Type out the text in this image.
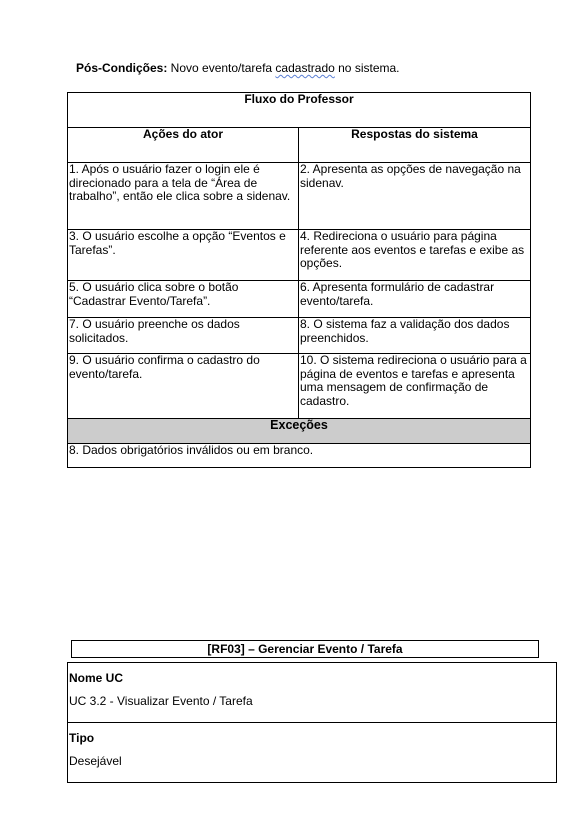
Pós-Condições: Novo evento/tarefa cadastrado no sistema.
Fluxo do Professor	
Ações do ator	Respostas do sistema
1. Após o usuário fazer o login ele é direcionado para a tela de “Área de trabalho”, então ele clica sobre a sidenav.	2. Apresenta as opções de navegação na sidenav.
3. O usuário escolhe a opção “Eventos e Tarefas”.	4. Redireciona o usuário para página referente aos eventos e tarefas e exibe as opções.
5. O usuário clica sobre o botão “Cadastrar Evento/Tarefa”.	6. Apresenta formulário de cadastrar evento/tarefa.
7. O usuário preenche os dados solicitados.	8. O sistema faz a validação dos dados preenchidos.
9. O usuário confirma o cadastro do evento/tarefa.	10. O sistema redireciona o usuário para a página de eventos e tarefas e apresenta uma mensagem de confirmação de cadastro.
Exceções	
8. Dados obrigatórios inválidos ou em branco.	
[RF03] – Gerenciar Evento / Tarefa
Nome UC
UC 3.2 - Visualizar Evento / Tarefa
Tipo
Desejável
